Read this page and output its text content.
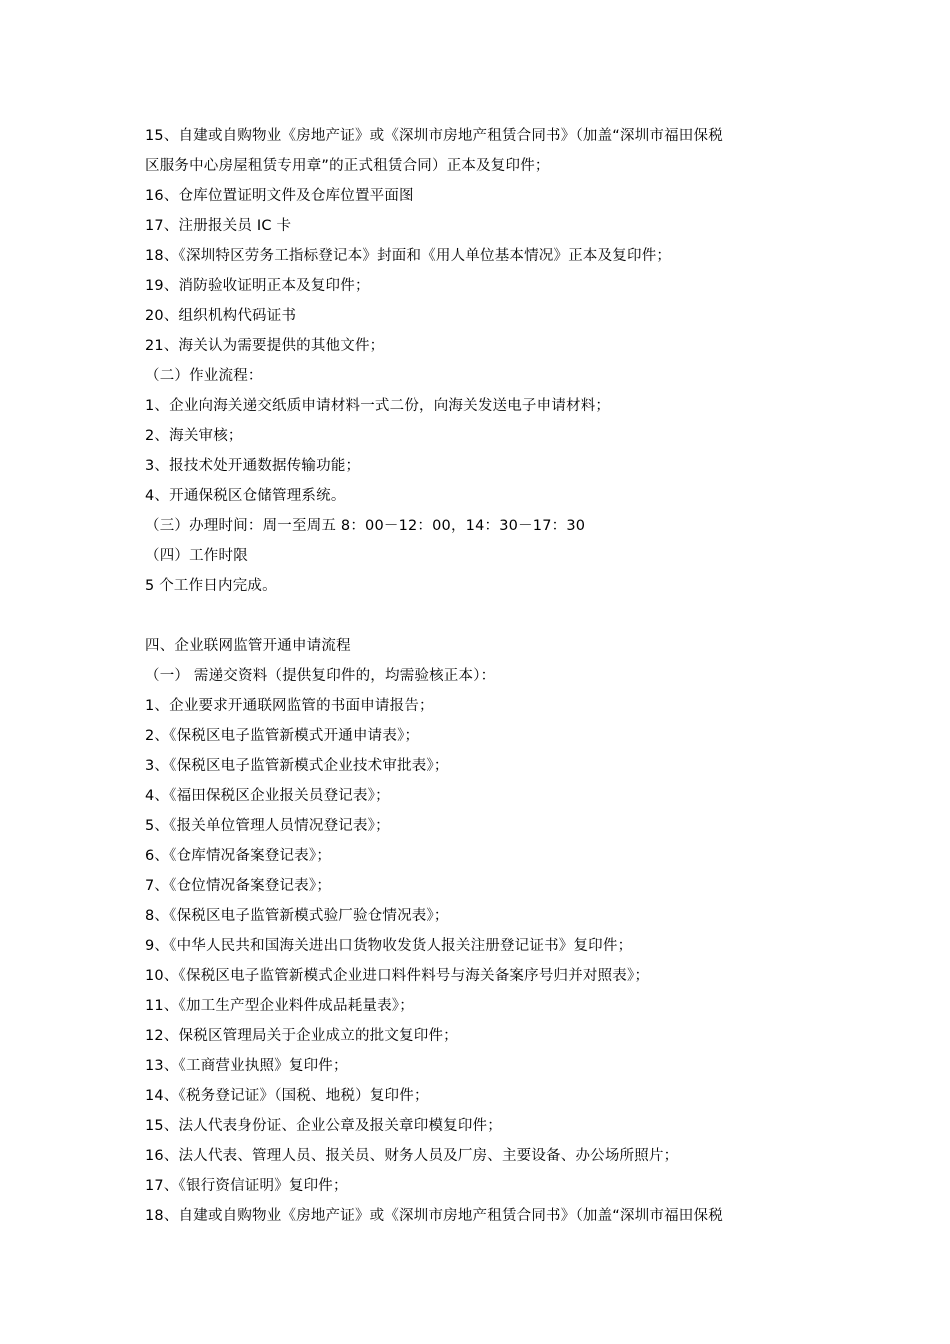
15、自建或自购物业《房地产证》或《深圳市房地产租赁合同书》（加盖“深圳市福田保税
区服务中心房屋租赁专用章”的正式租赁合同）正本及复印件；
16、仓库位置证明文件及仓库位置平面图
17、注册报关员 IC 卡
18、《深圳特区劳务工指标登记本》封面和《用人单位基本情况》正本及复印件；
19、消防验收证明正本及复印件；
20、组织机构代码证书
21、海关认为需要提供的其他文件；
（二）作业流程：
1、企业向海关递交纸质申请材料一式二份，向海关发送电子申请材料；
2、海关审核；
3、报技术处开通数据传输功能；
4、开通保税区仓储管理系统。
（三）办理时间：周一至周五 8：00－12：00，14：30－17：30
（四）工作时限
5 个工作日内完成。
四、企业联网监管开通申请流程
（一） 需递交资料（提供复印件的，均需验核正本）：
1、企业要求开通联网监管的书面申请报告；
2、《保税区电子监管新模式开通申请表》；
3、《保税区电子监管新模式企业技术审批表》；
4、《福田保税区企业报关员登记表》；
5、《报关单位管理人员情况登记表》；
6、《仓库情况备案登记表》；
7、《仓位情况备案登记表》；
8、《保税区电子监管新模式验厂验仓情况表》；
9、《中华人民共和国海关进出口货物收发货人报关注册登记证书》复印件；
10、《保税区电子监管新模式企业进口料件料号与海关备案序号归并对照表》；
11、《加工生产型企业料件成品耗量表》；
12、保税区管理局关于企业成立的批文复印件；
13、《工商营业执照》复印件；
14、《税务登记证》（国税、地税）复印件；
15、法人代表身份证、企业公章及报关章印模复印件；
16、法人代表、管理人员、报关员、财务人员及厂房、主要设备、办公场所照片；
17、《银行资信证明》复印件；
18、自建或自购物业《房地产证》或《深圳市房地产租赁合同书》（加盖“深圳市福田保税
